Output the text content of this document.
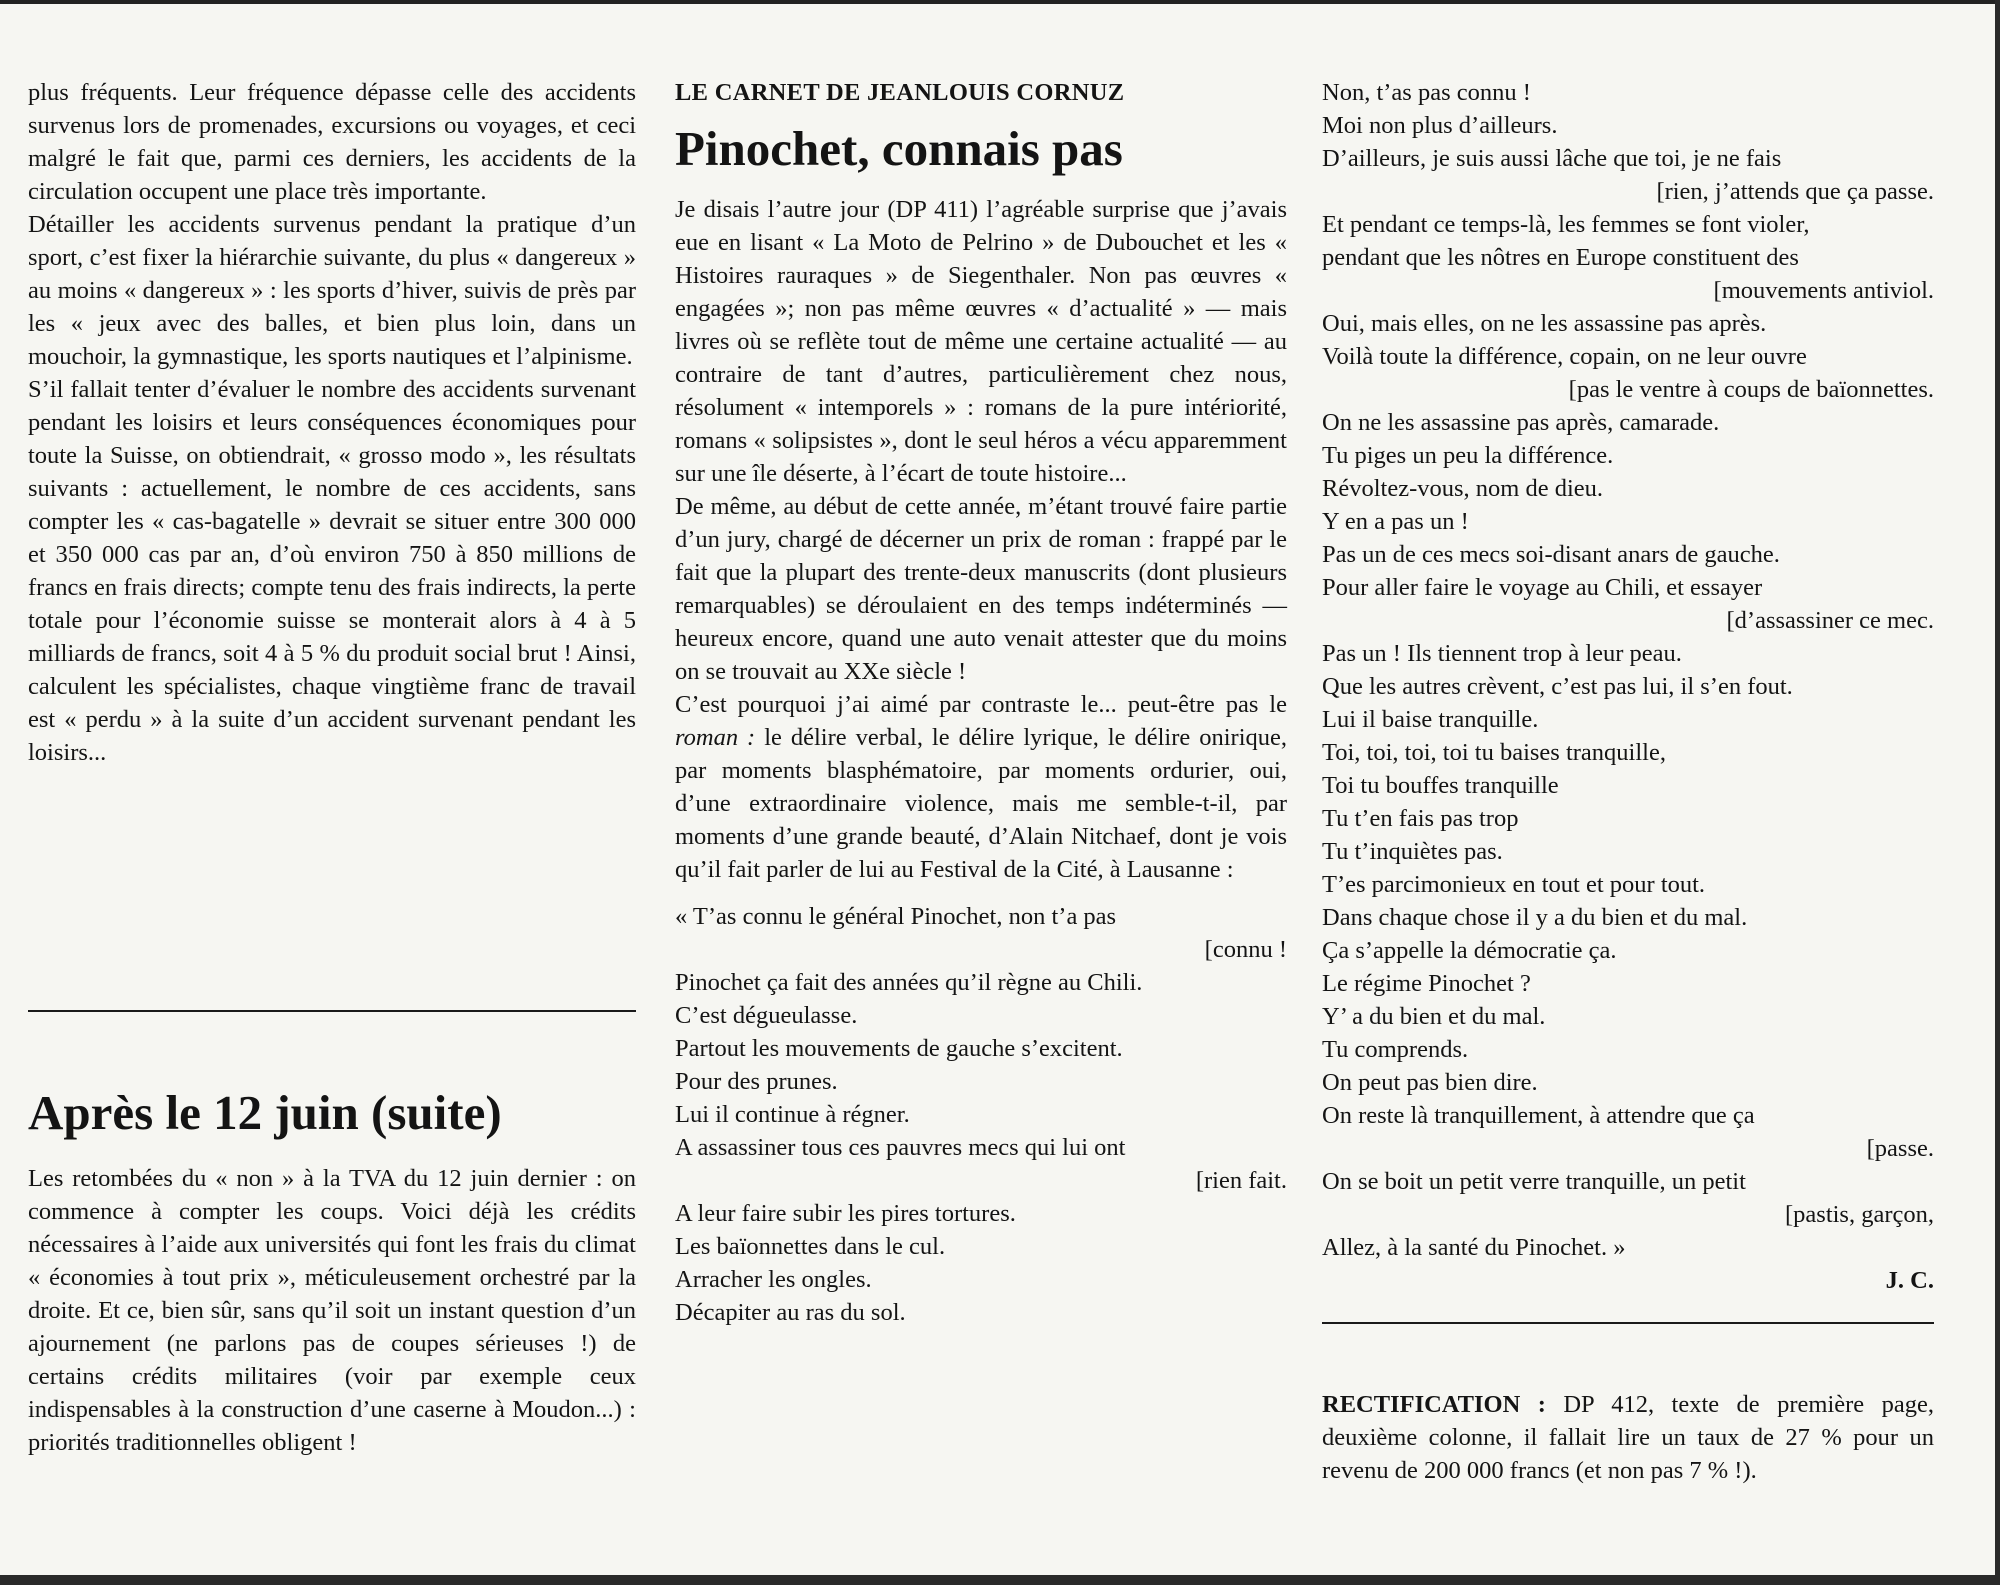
plus fréquents. Leur fréquence dépasse celle des accidents survenus lors de promenades, excursions ou voyages, et ceci malgré le fait que, parmi ces derniers, les accidents de la circulation occupent une place très importante.

Détailler les accidents survenus pendant la pratique d’un sport, c’est fixer la hiérarchie suivante, du plus « dangereux » au moins « dangereux » : les sports d’hiver, suivis de près par les « jeux avec des balles, et bien plus loin, dans un mouchoir, la gymnastique, les sports nautiques et l’alpinisme.

S’il fallait tenter d’évaluer le nombre des accidents survenant pendant les loisirs et leurs conséquences économiques pour toute la Suisse, on obtiendrait, « grosso modo », les résultats suivants : actuellement, le nombre de ces accidents, sans compter les « cas-bagatelle » devrait se situer entre 300 000 et 350 000 cas par an, d’où environ 750 à 850 millions de francs en frais directs; compte tenu des frais indirects, la perte totale pour l’économie suisse se monterait alors à 4 à 5 milliards de francs, soit 4 à 5 % du produit social brut ! Ainsi, calculent les spécialistes, chaque vingtième franc de travail est « perdu » à la suite d’un accident survenant pendant les loisirs...

Après le 12 juin (suite)

Les retombées du « non » à la TVA du 12 juin dernier : on commence à compter les coups. Voici déjà les crédits nécessaires à l’aide aux universités qui font les frais du climat « économies à tout prix », méticuleusement orchestré par la droite. Et ce, bien sûr, sans qu’il soit un instant question d’un ajournement (ne parlons pas de coupes sérieuses !) de certains crédits militaires (voir par exemple ceux indispensables à la construction d’une caserne à Moudon...) : priorités traditionnelles obligent !

LE CARNET DE JEANLOUIS CORNUZ
Pinochet, connais pas

Je disais l’autre jour (DP 411) l’agréable surprise que j’avais eue en lisant « La Moto de Pelrino » de Dubouchet et les « Histoires rauraques » de Siegenthaler. Non pas œuvres « engagées »; non pas même œuvres « d’actualité » — mais livres où se reflète tout de même une certaine actualité — au contraire de tant d’autres, particulièrement chez nous, résolument « intemporels » : romans de la pure intériorité, romans « solipsistes », dont le seul héros a vécu apparemment sur une île déserte, à l’écart de toute histoire...

De même, au début de cette année, m’étant trouvé faire partie d’un jury, chargé de décerner un prix de roman : frappé par le fait que la plupart des trente-deux manuscrits (dont plusieurs remarquables) se déroulaient en des temps indéterminés — heureux encore, quand une auto venait attester que du moins on se trouvait au XXe siècle !

C’est pourquoi j’ai aimé par contraste le... peut-être pas le roman : le délire verbal, le délire lyrique, le délire onirique, par moments blasphématoire, par moments ordurier, oui, d’une extraordinaire violence, mais me semble-t-il, par moments d’une grande beauté, d’Alain Nitchaef, dont je vois qu’il fait parler de lui au Festival de la Cité, à Lausanne :

« T’as connu le général Pinochet, non t’a pas
[connu !
Pinochet ça fait des années qu’il règne au Chili.
C’est dégueulasse.
Partout les mouvements de gauche s’excitent.
Pour des prunes.
Lui il continue à régner.
A assassiner tous ces pauvres mecs qui lui ont
[rien fait.
A leur faire subir les pires tortures.
Les baïonnettes dans le cul.
Arracher les ongles.
Décapiter au ras du sol.
Non, t’as pas connu !
Moi non plus d’ailleurs.
D’ailleurs, je suis aussi lâche que toi, je ne fais
[rien, j’attends que ça passe.
Et pendant ce temps-là, les femmes se font violer,
pendant que les nôtres en Europe constituent des
[mouvements antiviol.
Oui, mais elles, on ne les assassine pas après.
Voilà toute la différence, copain, on ne leur ouvre
[pas le ventre à coups de baïonnettes.
On ne les assassine pas après, camarade.
Tu piges un peu la différence.
Révoltez-vous, nom de dieu.
Y en a pas un !
Pas un de ces mecs soi-disant anars de gauche.
Pour aller faire le voyage au Chili, et essayer
[d’assassiner ce mec.
Pas un ! Ils tiennent trop à leur peau.
Que les autres crèvent, c’est pas lui, il s’en fout.
Lui il baise tranquille.
Toi, toi, toi, toi tu baises tranquille,
Toi tu bouffes tranquille
Tu t’en fais pas trop
Tu t’inquiètes pas.
T’es parcimonieux en tout et pour tout.
Dans chaque chose il y a du bien et du mal.
Ça s’appelle la démocratie ça.
Le régime Pinochet ?
Y’ a du bien et du mal.
Tu comprends.
On peut pas bien dire.
On reste là tranquillement, à attendre que ça
[passe.
On se boit un petit verre tranquille, un petit
[pastis, garçon,
Allez, à la santé du Pinochet. »
J. C.

RECTIFICATION : DP 412, texte de première page, deuxième colonne, il fallait lire un taux de 27 % pour un revenu de 200 000 francs (et non pas 7 % !).
